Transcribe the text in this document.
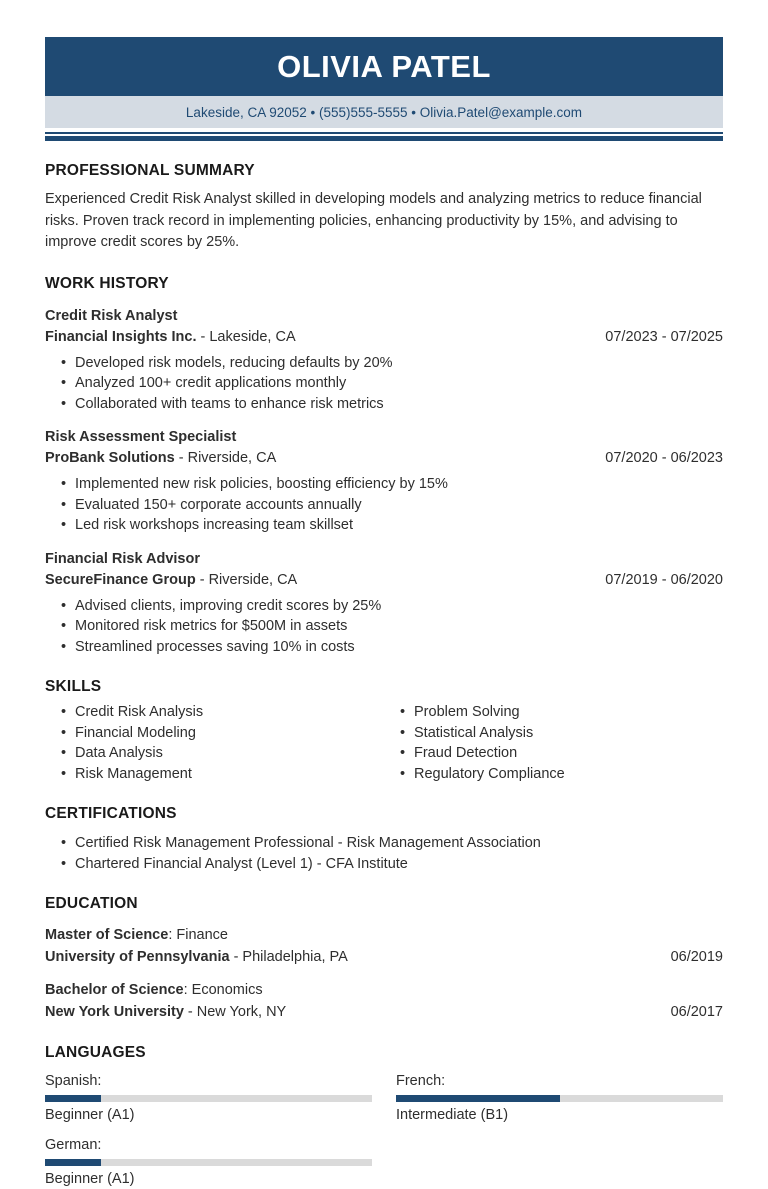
OLIVIA PATEL
Lakeside, CA 92052 • (555)555-5555 • Olivia.Patel@example.com
PROFESSIONAL SUMMARY
Experienced Credit Risk Analyst skilled in developing models and analyzing metrics to reduce financial risks. Proven track record in implementing policies, enhancing productivity by 15%, and advising to improve credit scores by 25%.
WORK HISTORY
Credit Risk Analyst
Financial Insights Inc. - Lakeside, CA	07/2023 - 07/2025
• Developed risk models, reducing defaults by 20%
• Analyzed 100+ credit applications monthly
• Collaborated with teams to enhance risk metrics
Risk Assessment Specialist
ProBank Solutions - Riverside, CA	07/2020 - 06/2023
• Implemented new risk policies, boosting efficiency by 15%
• Evaluated 150+ corporate accounts annually
• Led risk workshops increasing team skillset
Financial Risk Advisor
SecureFinance Group - Riverside, CA	07/2019 - 06/2020
• Advised clients, improving credit scores by 25%
• Monitored risk metrics for $500M in assets
• Streamlined processes saving 10% in costs
SKILLS
• Credit Risk Analysis
• Financial Modeling
• Data Analysis
• Risk Management
• Problem Solving
• Statistical Analysis
• Fraud Detection
• Regulatory Compliance
CERTIFICATIONS
• Certified Risk Management Professional - Risk Management Association
• Chartered Financial Analyst (Level 1) - CFA Institute
EDUCATION
Master of Science: Finance
University of Pennsylvania - Philadelphia, PA	06/2019
Bachelor of Science: Economics
New York University - New York, NY	06/2017
LANGUAGES
Spanish:
Beginner (A1)
French:
Intermediate (B1)
German:
Beginner (A1)
